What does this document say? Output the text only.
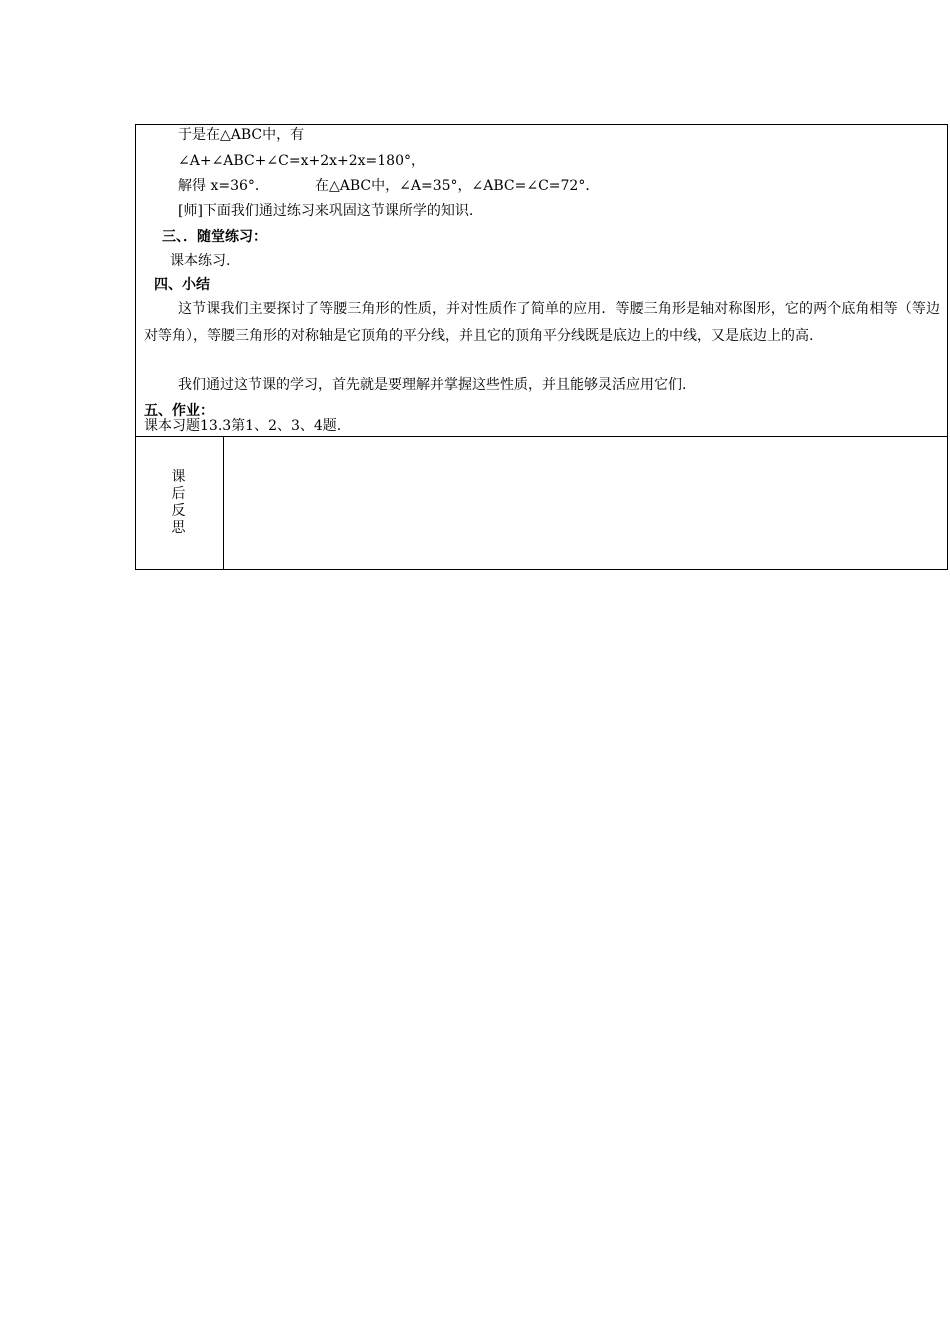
于是在△ABC中，有
∠A+∠ABC+∠C=x+2x+2x=180°，
解得 x=36°．	在△ABC中，∠A=35°，∠ABC=∠C=72°．
[师]下面我们通过练习来巩固这节课所学的知识.
三、．随堂练习：
课本练习.
四、小结
这节课我们主要探讨了等腰三角形的性质，并对性质作了简单的应用．等腰三角形是轴对称图形，它的两个底角相等（等边对等角），等腰三角形的对称轴是它顶角的平分线，并且它的顶角平分线既是底边上的中线，又是底边上的高.
我们通过这节课的学习，首先就是要理解并掌握这些性质，并且能够灵活应用它们.
五、作业：
课本习题13.3第1、2、3、4题.
课
后
反
思
